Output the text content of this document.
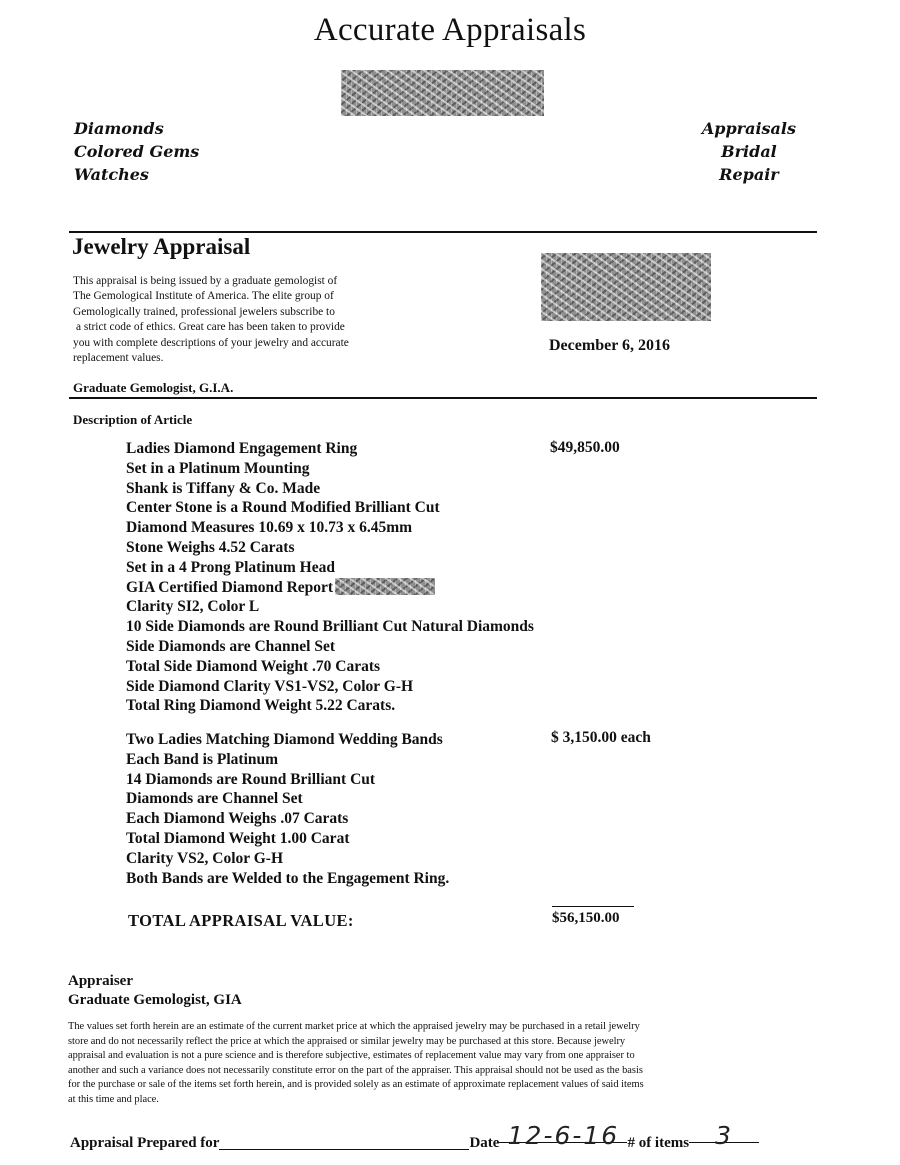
Accurate Appraisals
Diamonds
Colored Gems
Watches
Appraisals
Bridal
Repair
Jewelry Appraisal
This appraisal is being issued by a graduate gemologist of
The Gemological Institute of America. The elite group of
Gemologically trained, professional jewelers subscribe to
a strict code of ethics. Great care has been taken to provide
you with complete descriptions of your jewelry and accurate
replacement values.
December 6, 2016
Graduate Gemologist, G.I.A.
Description of Article
Ladies Diamond Engagement Ring
Set in a Platinum Mounting
Shank is Tiffany & Co. Made
Center Stone is a Round Modified Brilliant Cut
Diamond Measures 10.69 x 10.73 x 6.45mm
Stone Weighs 4.52 Carats
Set in a 4 Prong Platinum Head
GIA Certified Diamond Report
Clarity SI2, Color L
10 Side Diamonds are Round Brilliant Cut Natural Diamonds
Side Diamonds are Channel Set
Total Side Diamond Weight .70 Carats
Side Diamond Clarity VS1-VS2, Color G-H
Total Ring Diamond Weight 5.22 Carats.
$49,850.00
Two Ladies Matching Diamond Wedding Bands
Each Band is Platinum
14 Diamonds are Round Brilliant Cut
Diamonds are Channel Set
Each Diamond Weighs .07 Carats
Total Diamond Weight 1.00 Carat
Clarity VS2, Color G-H
Both Bands are Welded to the Engagement Ring.
$ 3,150.00 each
TOTAL APPRAISAL VALUE:	$56,150.00
Appraiser
Graduate Gemologist, GIA
The values set forth herein are an estimate of the current market price at which the appraised jewelry may be purchased in a retail jewelry
store and do not necessarily reflect the price at which the appraised or similar jewelry may be purchased at this store. Because jewelry
appraisal and evaluation is not a pure science and is therefore subjective, estimates of replacement value may vary from one appraiser to
another and such a variance does not necessarily constitute error on the part of the appraiser. This appraisal should not be used as the basis
for the purchase or sale of the items set forth herein, and is provided solely as an estimate of approximate replacement values of said items
at this time and place.
Appraisal Prepared for	Date 12-6-16 # of items 3
